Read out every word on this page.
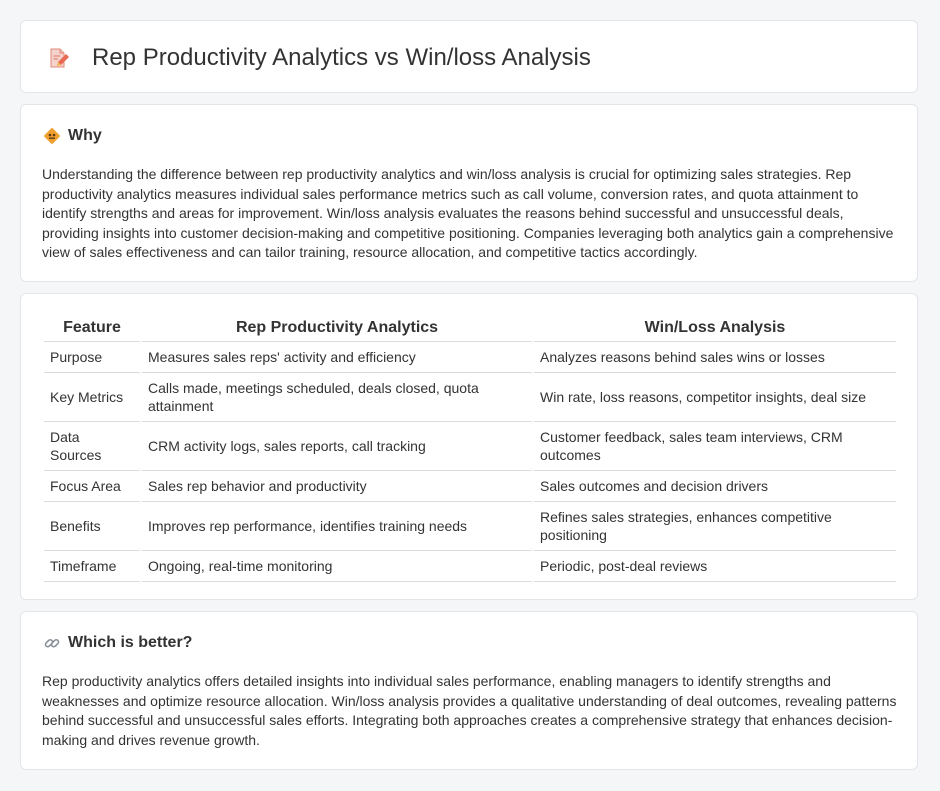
Rep Productivity Analytics vs Win/loss Analysis
Why

Understanding the difference between rep productivity analytics and win/loss analysis is crucial for optimizing sales strategies. Rep productivity analytics measures individual sales performance metrics such as call volume, conversion rates, and quota attainment to identify strengths and areas for improvement. Win/loss analysis evaluates the reasons behind successful and unsuccessful deals, providing insights into customer decision-making and competitive positioning. Companies leveraging both analytics gain a comprehensive view of sales effectiveness and can tailor training, resource allocation, and competitive tactics accordingly.

Feature	Rep Productivity Analytics	Win/Loss Analysis
Purpose	Measures sales reps' activity and efficiency	Analyzes reasons behind sales wins or losses
Key Metrics	Calls made, meetings scheduled, deals closed, quota attainment	Win rate, loss reasons, competitor insights, deal size
Data Sources	CRM activity logs, sales reports, call tracking	Customer feedback, sales team interviews, CRM outcomes
Focus Area	Sales rep behavior and productivity	Sales outcomes and decision drivers
Benefits	Improves rep performance, identifies training needs	Refines sales strategies, enhances competitive positioning
Timeframe	Ongoing, real-time monitoring	Periodic, post-deal reviews
Which is better?

Rep productivity analytics offers detailed insights into individual sales performance, enabling managers to identify strengths and weaknesses and optimize resource allocation. Win/loss analysis provides a qualitative understanding of deal outcomes, revealing patterns behind successful and unsuccessful sales efforts. Integrating both approaches creates a comprehensive strategy that enhances decision-making and drives revenue growth.
